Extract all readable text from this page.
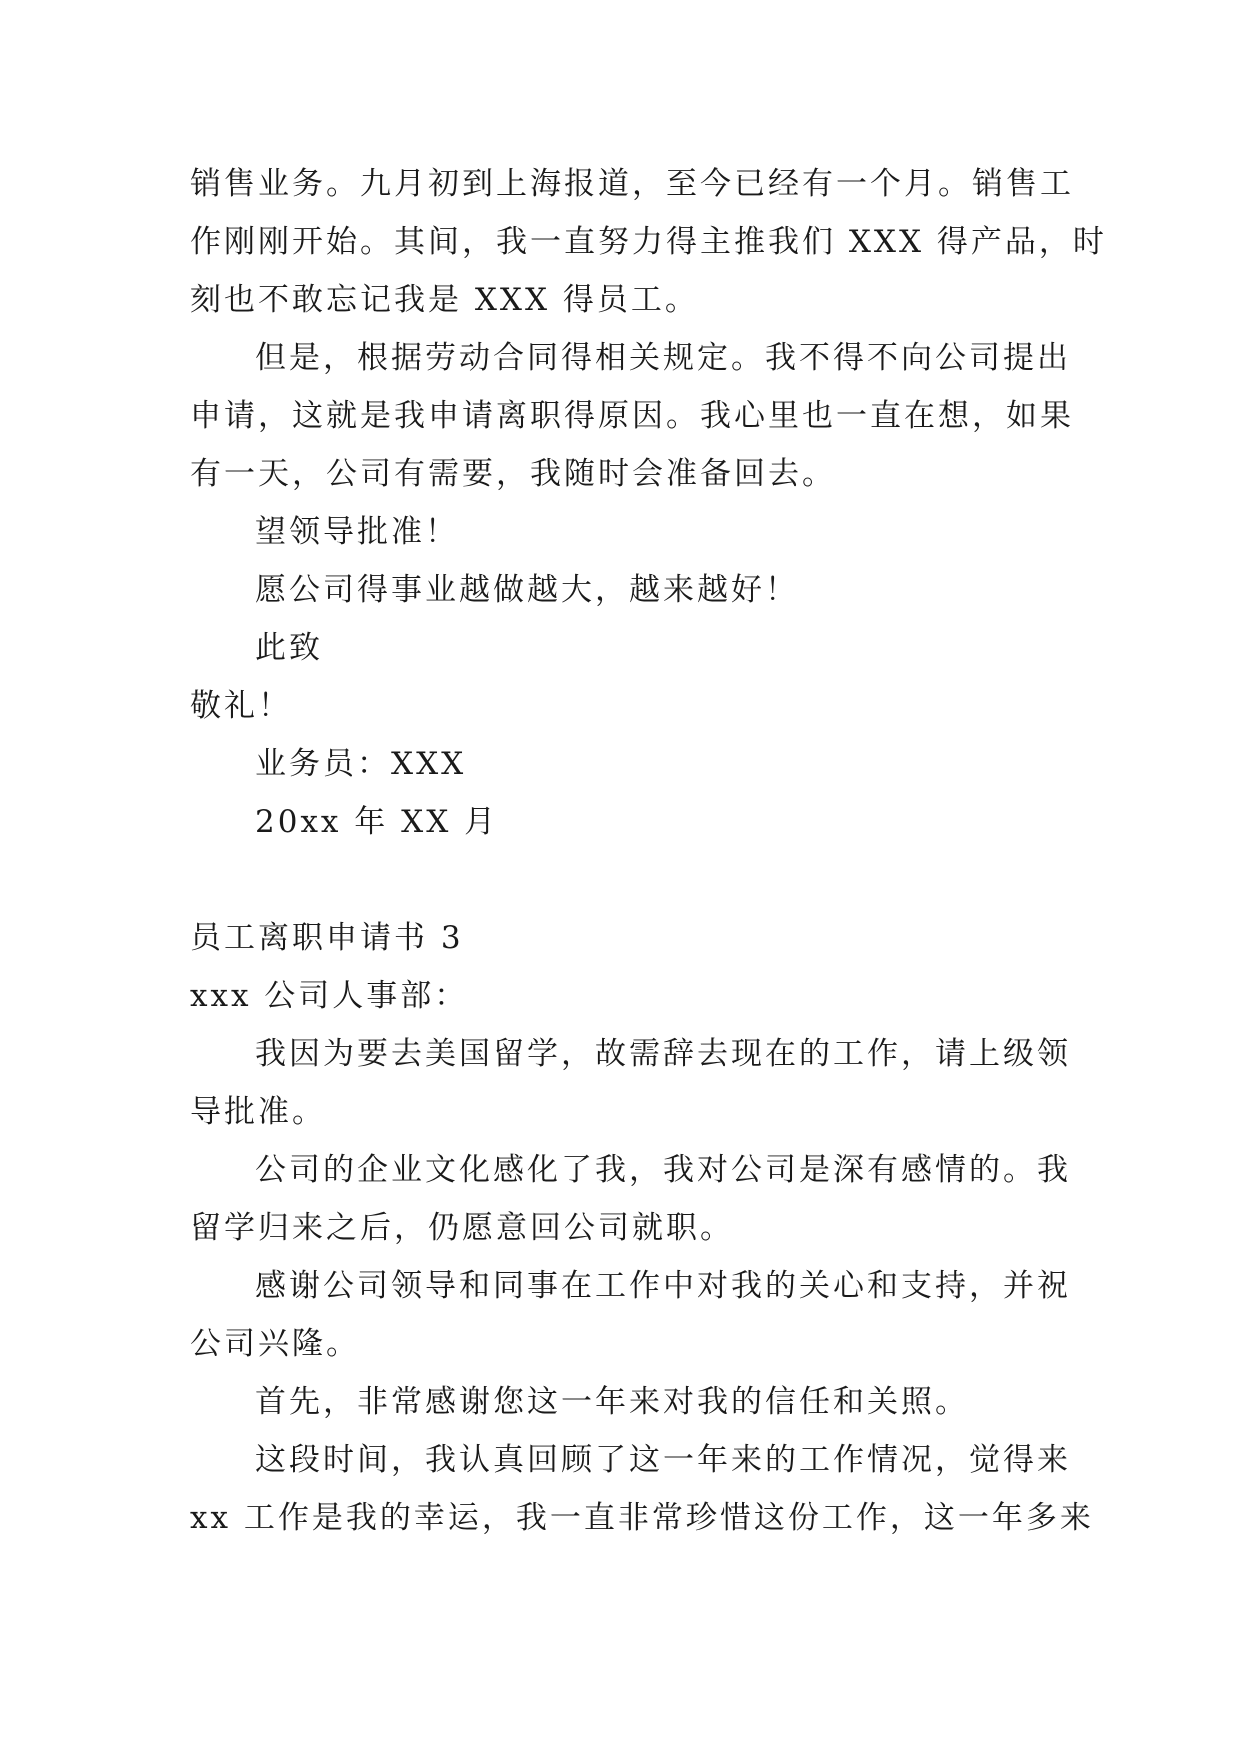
销售业务。九月初到上海报道，至今已经有一个月。销售工
作刚刚开始。其间，我一直努力得主推我们 XXX 得产品，时
刻也不敢忘记我是 XXX 得员工。
但是，根据劳动合同得相关规定。我不得不向公司提出
申请，这就是我申请离职得原因。我心里也一直在想，如果
有一天，公司有需要，我随时会准备回去。
望领导批准！
愿公司得事业越做越大，越来越好！
此致
敬礼！
业务员：XXX
20xx 年 XX 月
员工离职申请书 3
xxx 公司人事部：
我因为要去美国留学，故需辞去现在的工作，请上级领
导批准。
公司的企业文化感化了我，我对公司是深有感情的。我
留学归来之后，仍愿意回公司就职。
感谢公司领导和同事在工作中对我的关心和支持，并祝
公司兴隆。
首先，非常感谢您这一年来对我的信任和关照。
这段时间，我认真回顾了这一年来的工作情况，觉得来
xx 工作是我的幸运，我一直非常珍惜这份工作，这一年多来
